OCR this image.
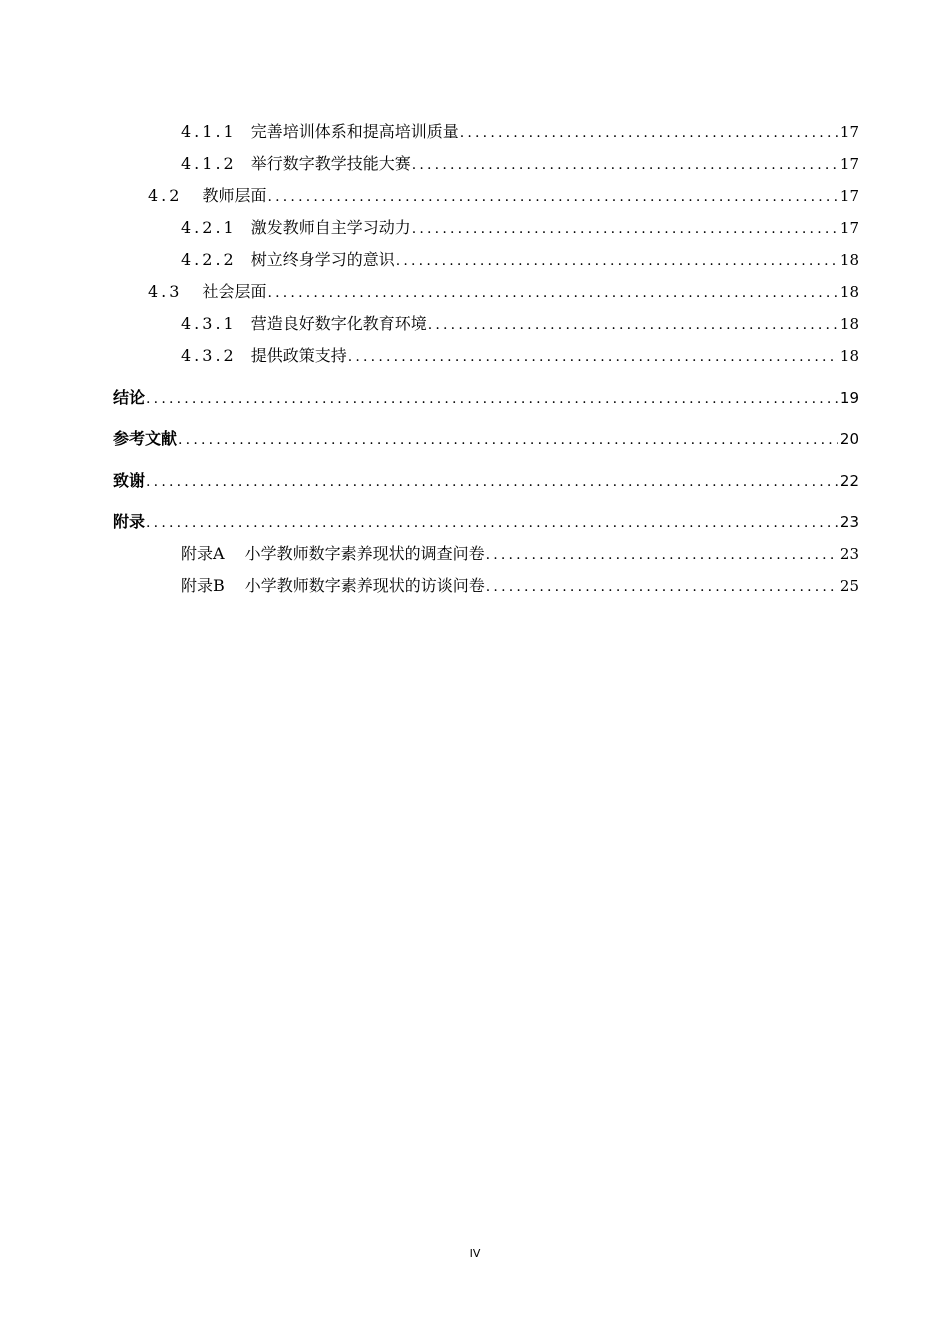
4.1.1 完善培训体系和提高培训质量 .....	17
4.1.2 举行数字教学技能大赛 .....	17
4.2 教师层面 .....	17
4.2.1 激发教师自主学习动力 .....	17
4.2.2 树立终身学习的意识 .....	18
4.3 社会层面 .....	18
4.3.1 营造良好数字化教育环境 .....	18
4.3.2 提供政策支持 .....	18
结论 .....	19
参考文献 .....	20
致谢 .....	22
附录 .....	23
附录A 小学教师数字素养现状的调查问卷 .....	23
附录B 小学教师数字素养现状的访谈问卷 .....	25
IV
